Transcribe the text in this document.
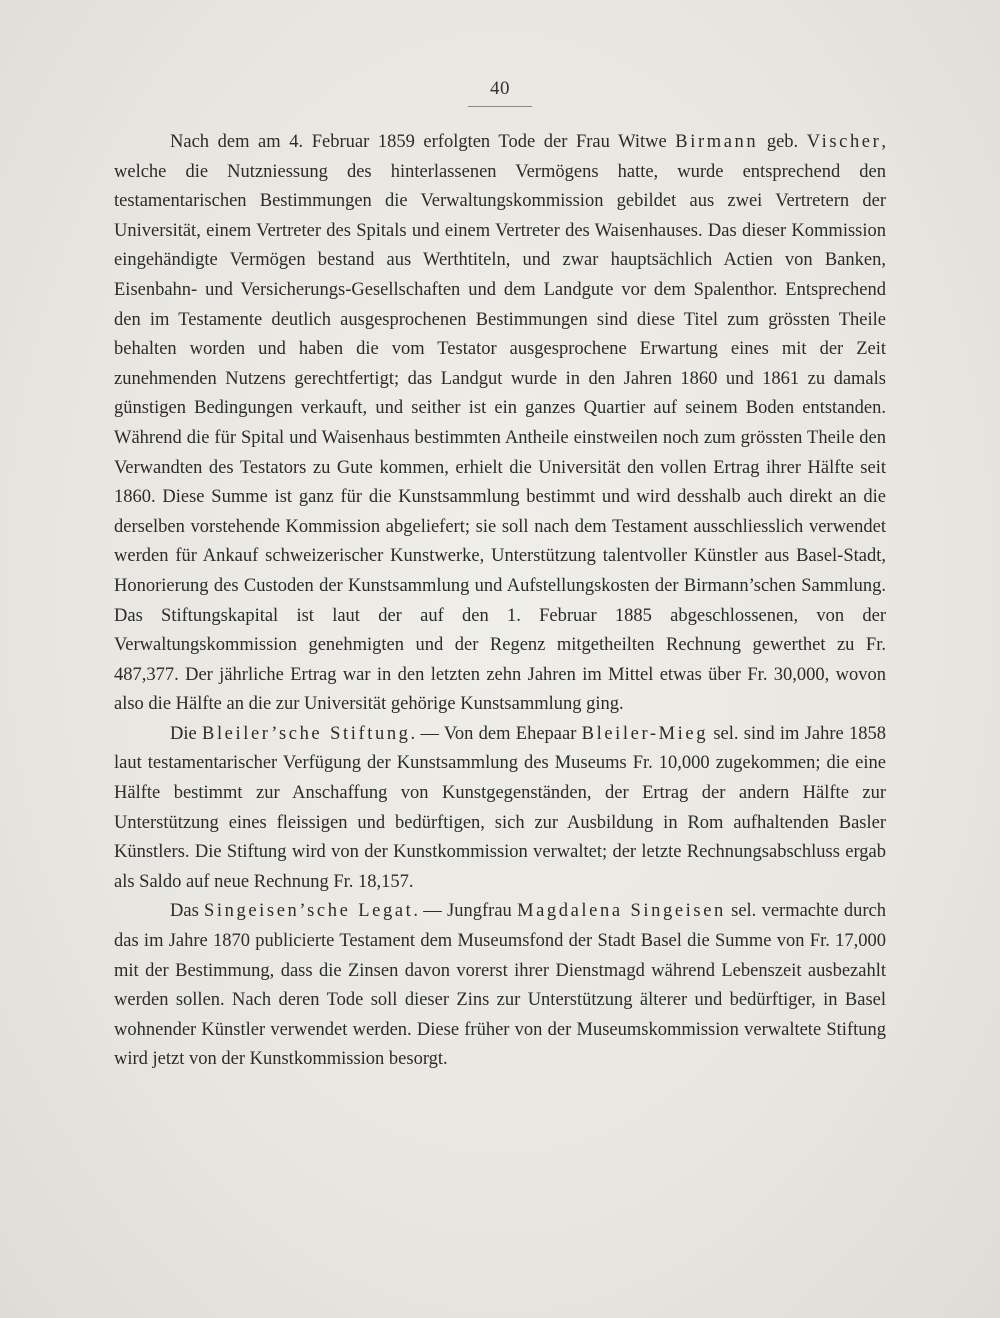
40

Nach dem am 4. Februar 1859 erfolgten Tode der Frau Witwe Birmann geb. Vischer, welche die Nutzniessung des hinterlassenen Vermögens hatte, wurde entsprechend den testamentarischen Bestimmungen die Verwaltungskommission gebildet aus zwei Vertretern der Universität, einem Vertreter des Spitals und einem Vertreter des Waisenhauses. Das dieser Kommission eingehändigte Vermögen bestand aus Werthtiteln, und zwar hauptsächlich Actien von Banken, Eisenbahn- und Versicherungs-Gesellschaften und dem Landgute vor dem Spalenthor. Entsprechend den im Testamente deutlich ausgesprochenen Bestimmungen sind diese Titel zum grössten Theile behalten worden und haben die vom Testator ausgesprochene Erwartung eines mit der Zeit zunehmenden Nutzens gerechtfertigt; das Landgut wurde in den Jahren 1860 und 1861 zu damals günstigen Bedingungen verkauft, und seither ist ein ganzes Quartier auf seinem Boden entstanden. Während die für Spital und Waisenhaus bestimmten Antheile einstweilen noch zum grössten Theile den Verwandten des Testators zu Gute kommen, erhielt die Universität den vollen Ertrag ihrer Hälfte seit 1860. Diese Summe ist ganz für die Kunstsammlung bestimmt und wird desshalb auch direkt an die derselben vorstehende Kommission abgeliefert; sie soll nach dem Testament ausschliesslich verwendet werden für Ankauf schweizerischer Kunstwerke, Unterstützung talentvoller Künstler aus Basel-Stadt, Honorierung des Custoden der Kunstsammlung und Aufstellungskosten der Birmann’schen Sammlung. Das Stiftungskapital ist laut der auf den 1. Februar 1885 abgeschlossenen, von der Verwaltungskommission genehmigten und der Regenz mitgetheilten Rechnung gewerthet zu Fr. 487,377. Der jährliche Ertrag war in den letzten zehn Jahren im Mittel etwas über Fr. 30,000, wovon also die Hälfte an die zur Universität gehörige Kunstsammlung ging.

Die Bleiler’sche Stiftung. — Von dem Ehepaar Bleiler-Mieg sel. sind im Jahre 1858 laut testamentarischer Verfügung der Kunstsammlung des Museums Fr. 10,000 zugekommen; die eine Hälfte bestimmt zur Anschaffung von Kunstgegenständen, der Ertrag der andern Hälfte zur Unterstützung eines fleissigen und bedürftigen, sich zur Ausbildung in Rom aufhaltenden Basler Künstlers. Die Stiftung wird von der Kunstkommission verwaltet; der letzte Rechnungsabschluss ergab als Saldo auf neue Rechnung Fr. 18,157.

Das Singeisen’sche Legat. — Jungfrau Magdalena Singeisen sel. vermachte durch das im Jahre 1870 publicierte Testament dem Museumsfond der Stadt Basel die Summe von Fr. 17,000 mit der Bestimmung, dass die Zinsen davon vorerst ihrer Dienstmagd während Lebenszeit ausbezahlt werden sollen. Nach deren Tode soll dieser Zins zur Unterstützung älterer und bedürftiger, in Basel wohnender Künstler verwendet werden. Diese früher von der Museumskommission verwaltete Stiftung wird jetzt von der Kunstkommission besorgt.
